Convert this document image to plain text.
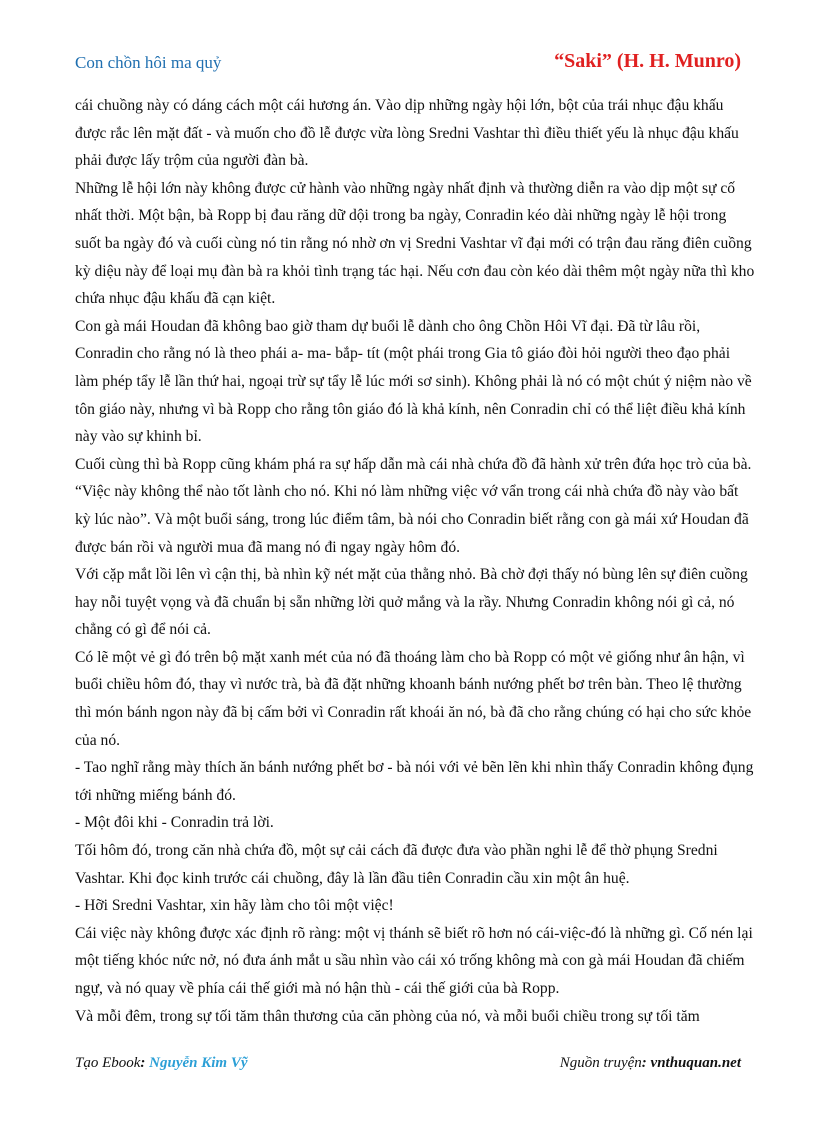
Con chồn hôi ma quỷ	“Saki” (H. H. Munro)

cái chuồng này có dáng cách một cái hương án. Vào dịp những ngày hội lớn, bột của trái nhục đậu khấu được rắc lên mặt đất - và muốn cho đồ lễ được vừa lòng Sredni Vashtar thì điều thiết yếu là nhục đậu khấu phải được lấy trộm của người đàn bà.

Những lễ hội lớn này không được cử hành vào những ngày nhất định và thường diễn ra vào dịp một sự cố nhất thời. Một bận, bà Ropp bị đau răng dữ dội trong ba ngày, Conradin kéo dài những ngày lễ hội trong suốt ba ngày đó và cuối cùng nó tin rằng nó nhờ ơn vị Sredni Vashtar vĩ đại mới có trận đau răng điên cuồng kỳ diệu này để loại mụ đàn bà ra khỏi tình trạng tác hại. Nếu cơn đau còn kéo dài thêm một ngày nữa thì kho chứa nhục đậu khấu đã cạn kiệt.

Con gà mái Houdan đã không bao giờ tham dự buổi lễ dành cho ông Chồn Hôi Vĩ đại. Đã từ lâu rồi, Conradin cho rằng nó là theo phái a- ma- bắp- tít (một phái trong Gia tô giáo đòi hỏi người theo đạo phải làm phép tẩy lễ lần thứ hai, ngoại trừ sự tẩy lễ lúc mới sơ sinh). Không phải là nó có một chút ý niệm nào về tôn giáo này, nhưng vì bà Ropp cho rằng tôn giáo đó là khả kính, nên Conradin chỉ có thể liệt điều khả kính này vào sự khinh bỉ.

Cuối cùng thì bà Ropp cũng khám phá ra sự hấp dẫn mà cái nhà chứa đồ đã hành xử trên đứa học trò của bà. “Việc này không thể nào tốt lành cho nó. Khi nó làm những việc vớ vẩn trong cái nhà chứa đồ này vào bất kỳ lúc nào”. Và một buổi sáng, trong lúc điểm tâm, bà nói cho Conradin biết rằng con gà mái xứ Houdan đã được bán rồi và người mua đã mang nó đi ngay ngày hôm đó.

Với cặp mắt lồi lên vì cận thị, bà nhìn kỹ nét mặt của thằng nhỏ. Bà chờ đợi thấy nó bùng lên sự điên cuồng hay nỗi tuyệt vọng và đã chuẩn bị sẵn những lời quở mắng và la rầy. Nhưng Conradin không nói gì cả, nó chẳng có gì để nói cả.

Có lẽ một vẻ gì đó trên bộ mặt xanh mét của nó đã thoáng làm cho bà Ropp có một vẻ giống như ân hận, vì buổi chiều hôm đó, thay vì nước trà, bà đã đặt những khoanh bánh nướng phết bơ trên bàn. Theo lệ thường thì món bánh ngon này đã bị cấm bởi vì Conradin rất khoái ăn nó, bà đã cho rằng chúng có hại cho sức khỏe của nó.

- Tao nghĩ rằng mày thích ăn bánh nướng phết bơ - bà nói với vẻ bẽn lẽn khi nhìn thấy Conradin không đụng tới những miếng bánh đó.

- Một đôi khi - Conradin trả lời.

Tối hôm đó, trong căn nhà chứa đồ, một sự cải cách đã được đưa vào phần nghi lễ để thờ phụng Sredni Vashtar. Khi đọc kinh trước cái chuồng, đây là lần đầu tiên Conradin cầu xin một ân huệ.

- Hỡi Sredni Vashtar, xin hãy làm cho tôi một việc!

Cái việc này không được xác định rõ ràng: một vị thánh sẽ biết rõ hơn nó cái-việc-đó là những gì. Cố nén lại một tiếng khóc nức nở, nó đưa ánh mắt u sầu nhìn vào cái xó trống không mà con gà mái Houdan đã chiếm ngự, và nó quay về phía cái thế giới mà nó hận thù - cái thế giới của bà Ropp.

Và mỗi đêm, trong sự tối tăm thân thương của căn phòng của nó, và mỗi buổi chiều trong sự tối tăm

Tạo Ebook: Nguyễn Kim Vỹ	Nguồn truyện: vnthuquan.net
